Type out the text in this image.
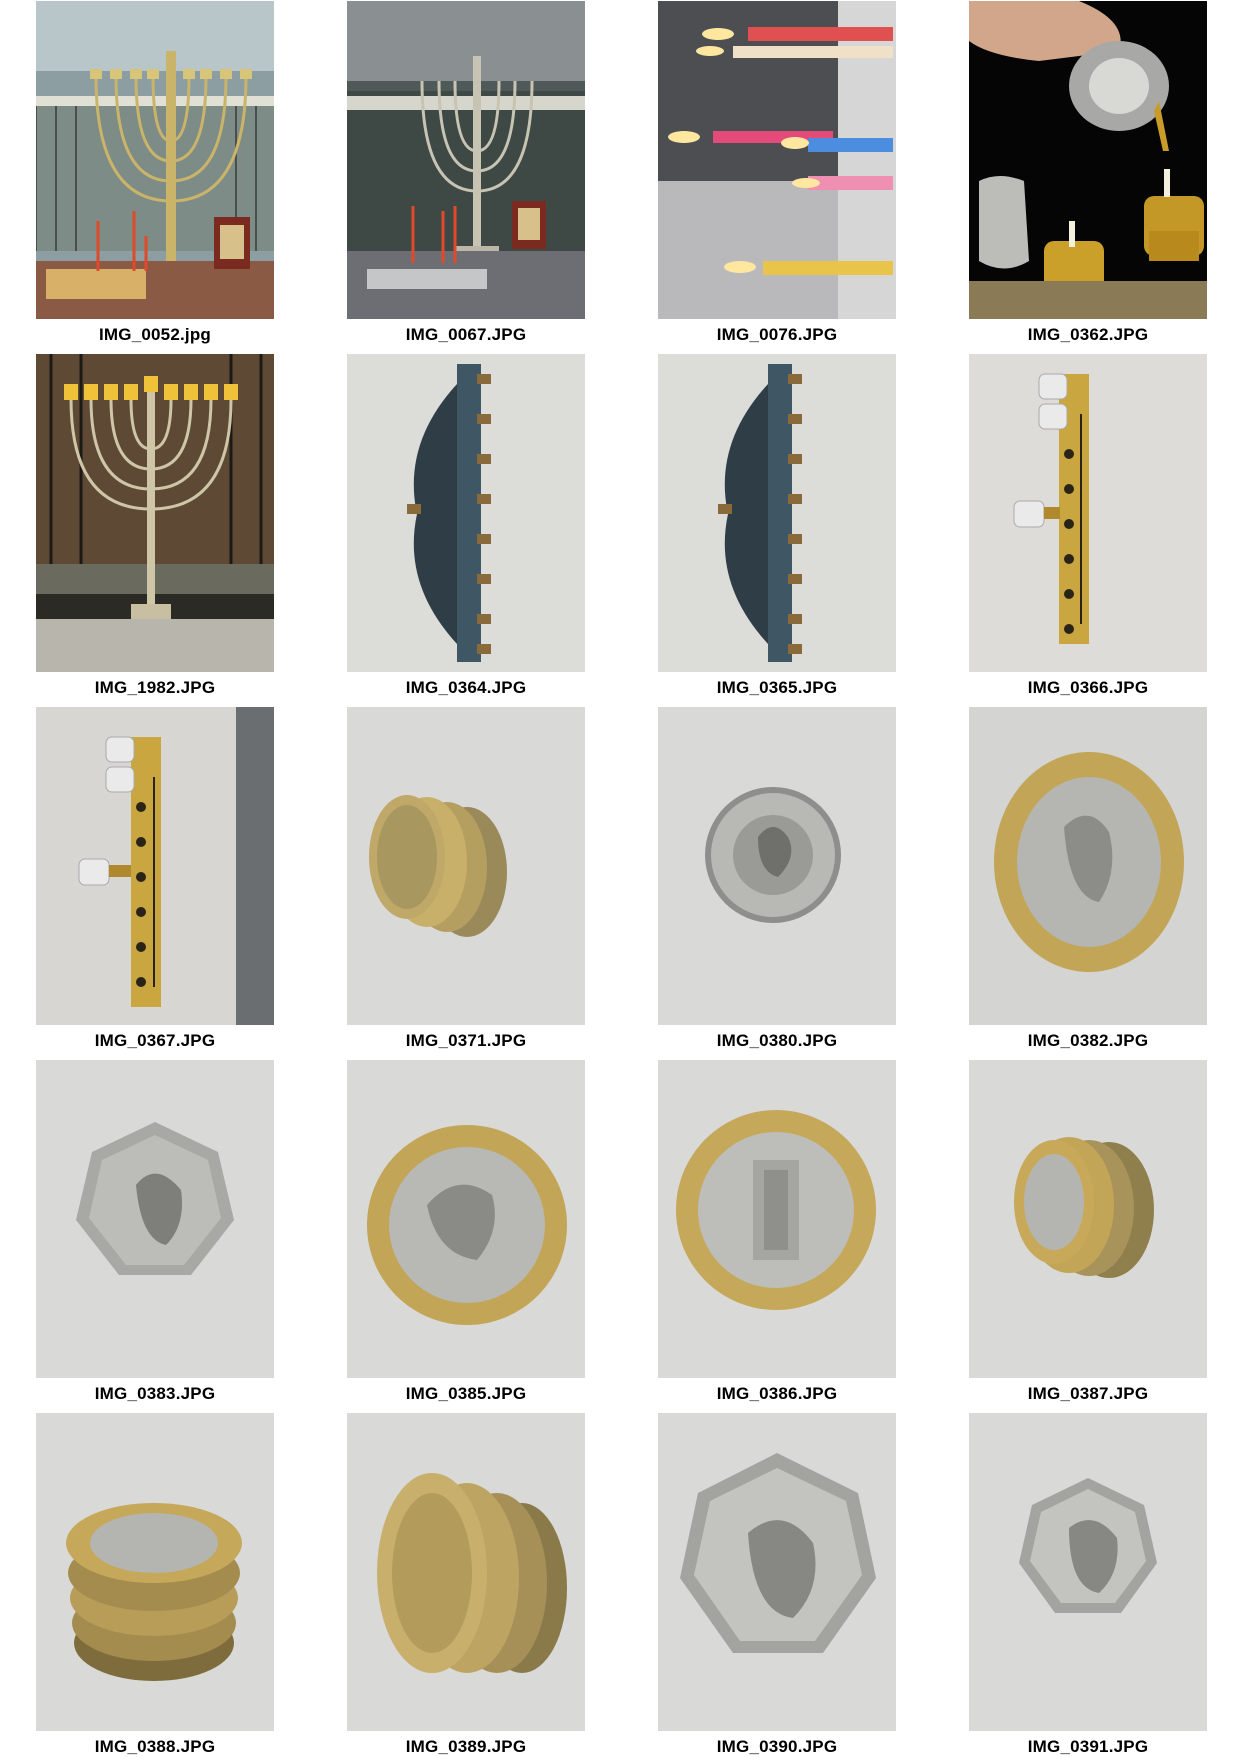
IMG_0052.jpg	IMG_0067.JPG	IMG_0076.JPG	IMG_0362.JPG
IMG_1982.JPG	IMG_0364.JPG	IMG_0365.JPG	IMG_0366.JPG
IMG_0367.JPG	IMG_0371.JPG	IMG_0380.JPG	IMG_0382.JPG
IMG_0383.JPG	IMG_0385.JPG	IMG_0386.JPG	IMG_0387.JPG
IMG_0388.JPG	IMG_0389.JPG	IMG_0390.JPG	IMG_0391.JPG
